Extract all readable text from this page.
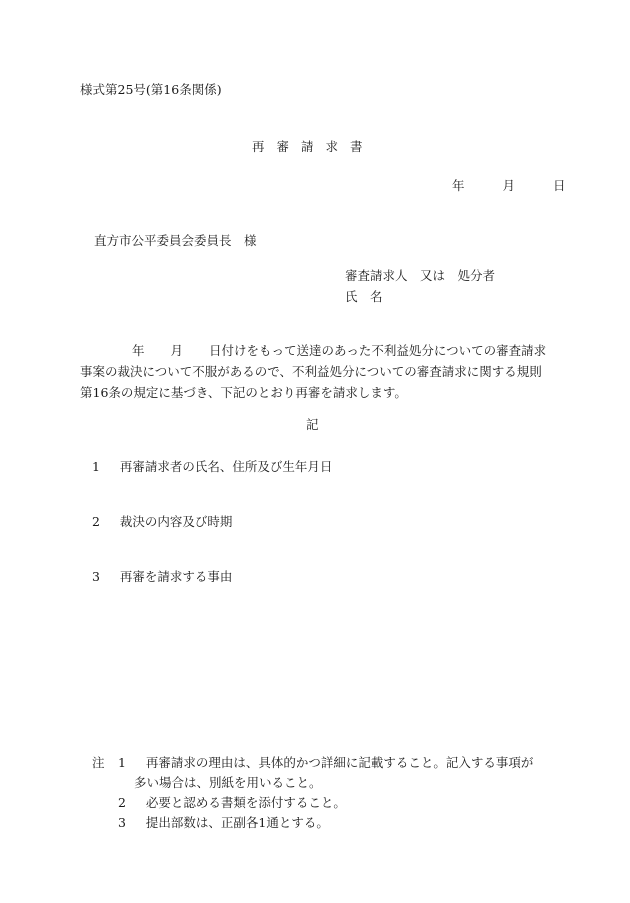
様式第25号(第16条関係)
再審請求書
年	月	日
直方市公平委員会委員長　様
審査請求人　又は　処分者
氏　名
年 月 日付けをもって送達のあった不利益処分についての審査請求事案の裁決について不服があるので、不利益処分についての審査請求に関する規則第16条の規定に基づき、下記のとおり再審を請求します。
記
1 再審請求者の氏名、住所及び生年月日
2 裁決の内容及び時期
3 再審を請求する事由
注 1 再審請求の理由は、具体的かつ詳細に記載すること。記入する事項が
多い場合は、別紙を用いること。
2 必要と認める書類を添付すること。
3 提出部数は、正副各1通とする。
